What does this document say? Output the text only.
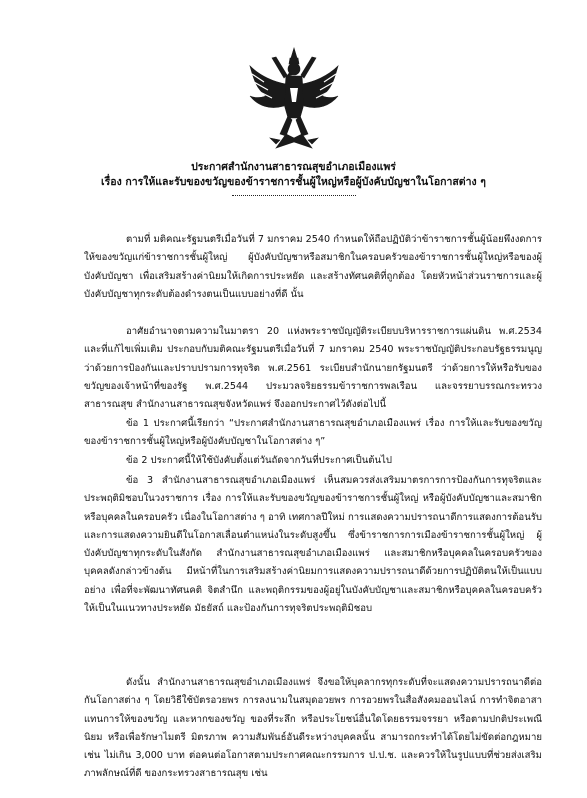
ประกาศสำนักงานสาธารณสุขอำเภอเมืองแพร่
เรื่อง การให้และรับของขวัญของข้าราชการชั้นผู้ใหญ่หรือผู้บังคับบัญชาในโอกาสต่าง ๆ
ตามที่ มติคณะรัฐมนตรีเมื่อวันที่ 7 มกราคม 2540 กำหนดให้ถือปฏิบัติว่าข้าราชการชั้นผู้น้อยพึงงดการให้ของขวัญแก่ข้าราชการชั้นผู้ใหญ่ ผู้บังคับบัญชาหรือสมาชิกในครอบครัวของข้าราชการชั้นผู้ใหญ่หรือของผู้บังคับบัญชา เพื่อเสริมสร้างค่านิยมให้เกิดการประหยัด และสร้างทัศนคติที่ถูกต้อง โดยหัวหน้าส่วนราชการและผู้บังคับบัญชาทุกระดับต้องดำรงตนเป็นแบบอย่างที่ดี นั้น
อาศัยอำนาจตามความในมาตรา 20 แห่งพระราชบัญญัติระเบียบบริหารราชการแผ่นดิน พ.ศ.2534 และที่แก้ไขเพิ่มเติม ประกอบกับมติคณะรัฐมนตรีเมื่อวันที่ 7 มกราคม 2540 พระราชบัญญัติประกอบรัฐธรรมนูญว่าด้วยการป้องกันและปราบปรามการทุจริต พ.ศ.2561 ระเบียบสำนักนายกรัฐมนตรี ว่าด้วยการให้หรือรับของขวัญของเจ้าหน้าที่ของรัฐ พ.ศ.2544 ประมวลจริยธรรมข้าราชการพลเรือน และจรรยาบรรณกระทรวงสาธารณสุข สำนักงานสาธารณสุขจังหวัดแพร่ จึงออกประกาศไว้ดังต่อไปนี้
ข้อ 1 ประกาศนี้เรียกว่า “ประกาศสำนักงานสาธารณสุขอำเภอเมืองแพร่ เรื่อง การให้และรับของขวัญของข้าราชการชั้นผู้ใหญ่หรือผู้บังคับบัญชาในโอกาสต่าง ๆ”
ข้อ 2 ประกาศนี้ให้ใช้บังคับตั้งแต่วันถัดจากวันที่ประกาศเป็นต้นไป
ข้อ 3 สำนักงานสาธารณสุขอำเภอเมืองแพร่ เห็นสมควรส่งเสริมมาตรการการป้องกันการทุจริตและประพฤติมิชอบในวงราชการ เรื่อง การให้และรับของขวัญของข้าราชการชั้นผู้ใหญ่ หรือผู้บังคับบัญชาและสมาชิกหรือบุคคลในครอบครัว เนื่องในโอกาสต่าง ๆ อาทิ เทศกาลปีใหม่ การแสดงความปรารถนาดีการแสดงการต้อนรับ และการแสดงความยินดีในโอกาสเลื่อนตำแหน่งในระดับสูงขึ้น ซึ่งข้าราชการการเมืองข้าราชการชั้นผู้ใหญ่ ผู้บังคับบัญชาทุกระดับในสังกัด สำนักงานสาธารณสุขอำเภอเมืองแพร่ และสมาชิกหรือบุคคลในครอบครัวของบุคคลดังกล่าวข้างต้น มีหน้าที่ในการเสริมสร้างค่านิยมการแสดงความปรารถนาดีด้วยการปฏิบัติตนให้เป็นแบบอย่าง เพื่อที่จะพัฒนาทัศนคติ จิตสำนึก และพฤติกรรมของผู้อยู่ในบังคับบัญชาและสมาชิกหรือบุคคลในครอบครัวให้เป็นในแนวทางประหยัด มัธยัสถ์ และป้องกันการทุจริตประพฤติมิชอบ
ดังนั้น สำนักงานสาธารณสุขอำเภอเมืองแพร่ จึงขอให้บุคลากรทุกระดับที่จะแสดงความปรารถนาดีต่อกันโอกาสต่าง ๆ โดยวิธีใช้บัตรอวยพร การลงนามในสมุดอวยพร การอวยพรในสื่อสังคมออนไลน์ การทำจิตอาสาแทนการให้ของขวัญ และหากของขวัญ ของที่ระลึก หรือประโยชน์อื่นใดโดยธรรมจรรยา หรือตามปกติประเพณีนิยม หรือเพื่อรักษาไมตรี มิตรภาพ ความสัมพันธ์อันดีระหว่างบุคคลนั้น สามารถกระทำได้โดยไม่ขัดต่อกฎหมาย เช่น ไม่เกิน 3,000 บาท ต่อคนต่อโอกาสตามประกาศคณะกรรมการ ป.ป.ช. และควรให้ในรูปแบบที่ช่วยส่งเสริมภาพลักษณ์ที่ดี ของกระทรวงสาธารณสุข เช่น
